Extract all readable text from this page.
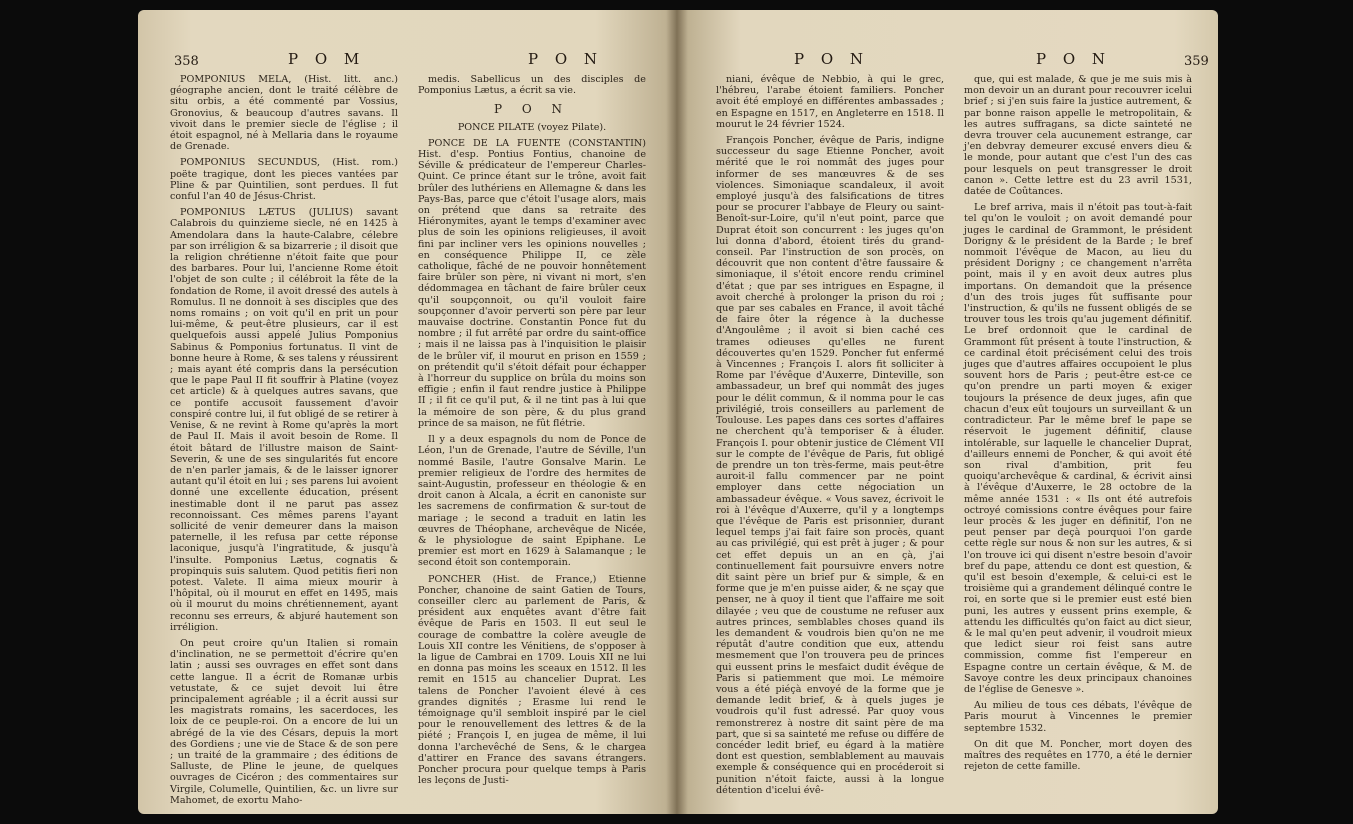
358	P O M	P O N

POMPONIUS MELA, (Hist. litt. anc.) géographe ancien, dont le traité célèbre de situ orbis, a été commenté par Vossius, Gronovius, & beaucoup d'autres savans. Il vivoit dans le premier siecle de l'église ; il étoit espagnol, né à Mellaria dans le royaume de Grenade.

POMPONIUS SECUNDUS, (Hist. rom.) poëte tragique, dont les pieces vantées par Pline & par Quintilien, sont perdues. Il fut conful l'an 40 de Jésus-Christ.

POMPONIUS LÆTUS (JULIUS) savant Calabrois du quinzieme siecle, né en 1425 à Amendolara dans la haute-Calabre, célebre par son irréligion & sa bizarrerie ; il disoit que la religion chrétienne n'étoit faite que pour des barbares. Pour lui, l'ancienne Rome étoit l'objet de son culte ; il célébroit la fête de la fondation de Rome, il avoit dressé des autels à Romulus. Il ne donnoit à ses disciples que des noms romains ; on voit qu'il en prit un pour lui-même, & peut-être plusieurs, car il est quelquefois aussi appelé Julius Pomponius Sabinus & Pomponius fortunatus. Il vint de bonne heure à Rome, & ses talens y réussirent ; mais ayant été compris dans la persécution que le pape Paul II fit souffrir à Platine (voyez cet article) & à quelques autres savans, que ce pontife accusoit faussement d'avoir conspiré contre lui, il fut obligé de se retirer à Venise, & ne revint à Rome qu'après la mort de Paul II. Mais il avoit besoin de Rome. Il étoit bâtard de l'illustre maison de Saint-Severin, & une de ses singularités fut encore de n'en parler jamais, & de le laisser ignorer autant qu'il étoit en lui ; ses parens lui avoient donné une excellente éducation, présent inestimable dont il ne parut pas assez reconnoissant. Ces mêmes parens l'ayant sollicité de venir demeurer dans la maison paternelle, il les refusa par cette réponse laconique, jusqu'à l'ingratitude, & jusqu'à l'insulte. Pomponius Lætus, cognatis & propinquis suis salutem. Quod petitis fieri non potest. Valete. Il aima mieux mourir à l'hôpital, où il mourut en effet en 1495, mais où il mourut du moins chrétiennement, ayant reconnu ses erreurs, & abjuré hautement son irréligion.

On peut croire qu'un Italien si romain d'inclination, ne se permettoit d'écrire qu'en latin ; aussi ses ouvrages en effet sont dans cette langue. Il a écrit de Romanæ urbis vetustate, & ce sujet devoit lui être principalement agréable ; il a écrit aussi sur les magistrats romains, les sacerdoces, les loix de ce peuple-roi. On a encore de lui un abrégé de la vie des Césars, depuis la mort des Gordiens ; une vie de Stace & de son pere ; un traité de la grammaire ; des éditions de Salluste, de Pline le jeune, de quelques ouvrages de Cicéron ; des commentaires sur Virgile, Columelle, Quintilien, &c. un livre sur Mahomet, de exortu Maho-

medis. Sabellicus un des disciples de Pomponius Lætus, a écrit sa vie.

P O N

PONCE PILATE (voyez Pilate).

PONCE DE LA FUENTE (CONSTANTIN) Hist. d'esp. Pontius Fontius, chanoine de Séville & prédicateur de l'empereur Charles-Quint. Ce prince étant sur le trône, avoit fait brûler des luthériens en Allemagne & dans les Pays-Bas, parce que c'étoit l'usage alors, mais on prétend que dans sa retraite des Hiéronymites, ayant le temps d'examiner avec plus de soin les opinions religieuses, il avoit fini par incliner vers les opinions nouvelles ; en conséquence Philippe II, ce zèle catholique, fâché de ne pouvoir honnêtement faire brûler son père, ni vivant ni mort, s'en dédommagea en tâchant de faire brûler ceux qu'il soupçonnoit, ou qu'il vouloit faire soupçonner d'avoir perverti son père par leur mauvaise doctrine. Constantin Ponce fut du nombre ; il fut arrêté par ordre du saint-office ; mais il ne laissa pas à l'inquisition le plaisir de le brûler vif, il mourut en prison en 1559 ; on prétendit qu'il s'étoit défait pour échapper à l'horreur du supplice on brûla du moins son effigie ; enfin il faut rendre justice à Philippe II ; il fit ce qu'il put, & il ne tint pas à lui que la mémoire de son père, & du plus grand prince de sa maison, ne fût flétrie.

Il y a deux espagnols du nom de Ponce de Léon, l'un de Grenade, l'autre de Séville, l'un nommé Basile, l'autre Gonsalve Marin. Le premier religieux de l'ordre des hermites de saint-Augustin, professeur en théologie & en droit canon à Alcala, a écrit en canoniste sur les sacremens de confirmation & sur-tout de mariage ; le second a traduit en latin les œuvres de Théophane, archevêque de Nicée, & le physiologue de saint Epiphane. Le premier est mort en 1629 à Salamanque ; le second étoit son contemporain.

PONCHER (Hist. de France,) Etienne Poncher, chanoine de saint Gatien de Tours, conseiller clerc au parlement de Paris, & président aux enquêtes avant d'être fait évêque de Paris en 1503. Il eut seul le courage de combattre la colère aveugle de Louis XII contre les Vénitiens, de s'opposer à la ligue de Cambrai en 1709. Louis XII ne lui en donna pas moins les sceaux en 1512. Il les remit en 1515 au chancelier Duprat. Les talens de Poncher l'avoient élevé à ces grandes dignités ; Erasme lui rend le témoignage qu'il sembloit inspiré par le ciel pour le renouvellement des lettres & de la piété ; François I, en jugea de même, il lui donna l'archevêché de Sens, & le chargea d'attirer en France des savans étrangers. Poncher procura pour quelque temps à Paris les leçons de Justi-

P O N	P O N	359

niani, évêque de Nebbio, à qui le grec, l'hébreu, l'arabe étoient familiers. Poncher avoit été employé en différentes ambassades ; en Espagne en 1517, en Angleterre en 1518. Il mourut le 24 février 1524.

François Poncher, évêque de Paris, indigne successeur du sage Etienne Poncher, avoit mérité que le roi nommât des juges pour informer de ses manœuvres & de ses violences. Simoniaque scandaleux, il avoit employé jusqu'à des falsifications de titres pour se procurer l'abbaye de Fleury ou saint-Benoît-sur-Loire, qu'il n'eut point, parce que Duprat étoit son concurrent : les juges qu'on lui donna d'abord, étoient tirés du grand-conseil. Par l'instruction de son procès, on découvrit que non content d'être faussaire & simoniaque, il s'étoit encore rendu criminel d'état ; que par ses intrigues en Espagne, il avoit cherché à prolonger la prison du roi ; que par ses cabales en France, il avoit tâché de faire ôter la régence à la duchesse d'Angoulême ; il avoit si bien caché ces trames odieuses qu'elles ne furent découvertes qu'en 1529. Poncher fut enfermé à Vincennes ; François I. alors fit solliciter à Rome par l'évêque d'Auxerre, Dinteville, son ambassadeur, un bref qui nommât des juges pour le délit commun, & il nomma pour le cas privilégié, trois conseillers au parlement de Toulouse. Les papes dans ces sortes d'affaires ne cherchent qu'à temporiser & à éluder. François I. pour obtenir justice de Clément VII sur le compte de l'évêque de Paris, fut obligé de prendre un ton très-ferme, mais peut-être auroit-il fallu commencer par ne point employer dans cette négociation un ambassadeur évêque. « Vous savez, écrivoit le roi à l'évêque d'Auxerre, qu'il y a longtemps que l'évêque de Paris est prisonnier, durant lequel temps j'ai fait faire son procès, quant au cas privilégié, qui est prêt à juger ; & pour cet effet depuis un an en çà, j'ai continuellement fait poursuivre envers notre dit saint père un brief pur & simple, & en forme que je m'en puisse aider, & ne sçay que penser, ne à quoy il tient que l'affaire me soit dilayée ; veu que de coustume ne refuser aux autres princes, semblables choses quand ils les demandent & voudrois bien qu'on ne me réputât d'autre condition que eux, attendu mesmement que l'on trouvera peu de princes qui eussent prins le mesfaict dudit évêque de Paris si patiemment que moi. Le mémoire vous a été piéçà envoyé de la forme que je demande ledit brief, & à quels juges je voudrois qu'il fust adressé. Par quoy vous remonstrerez à nostre dit saint père de ma part, que si sa sainteté me refuse ou différe de concéder ledit brief, eu égard à la matière dont est question, semblablement au mauvais exemple & conséquence qui en procéderoit si punition n'étoit faicte, aussi à la longue détention d'icelui évê-

que, qui est malade, & que je me suis mis à mon devoir un an durant pour recouvrer icelui brief ; si j'en suis faire la justice autrement, & par bonne raison appelle le metropolitain, & les autres suffragans, sa dicte sainteté ne devra trouver cela aucunement estrange, car j'en debvray demeurer excusé envers dieu & le monde, pour autant que c'est l'un des cas pour lesquels on peut transgresser le droit canon ». Cette lettre est du 23 avril 1531, datée de Coûtances.

Le bref arriva, mais il n'étoit pas tout-à-fait tel qu'on le vouloit ; on avoit demandé pour juges le cardinal de Grammont, le président Dorigny & le président de la Barde ; le bref nommoit l'évêque de Macon, au lieu du président Dorigny ; ce changement n'arrêta point, mais il y en avoit deux autres plus importans. On demandoit que la présence d'un des trois juges fût suffisante pour l'instruction, & qu'ils ne fussent obligés de se trouver tous les trois qu'au jugement définitif. Le bref ordonnoit que le cardinal de Grammont fût présent à toute l'instruction, & ce cardinal étoit précisément celui des trois juges que d'autres affaires occupoient le plus souvent hors de Paris ; peut-être est-ce ce qu'on prendre un parti moyen & exiger toujours la présence de deux juges, afin que chacun d'eux eût toujours un surveillant & un contradicteur. Par le même bref le pape se réservoit le jugement définitif, clause intolérable, sur laquelle le chancelier Duprat, d'ailleurs ennemi de Poncher, & qui avoit été son rival d'ambition, prit feu quoiqu'archevêque & cardinal, & écrivit ainsi à l'évêque d'Auxerre, le 28 octobre de la même année 1531 : « Ils ont été autrefois octroyé comissions contre évêques pour faire leur procès & les juger en définitif, l'on ne peut penser par deçà pourquoi l'on garde cette règle sur nous & non sur les autres, & si l'on trouve ici qui disent n'estre besoin d'avoir bref du pape, attendu ce dont est question, & qu'il est besoin d'exemple, & celui-ci est le troisième qui a grandement délinqué contre le roi, en sorte que si le premier eust esté bien puni, les autres y eussent prins exemple, & attendu les difficultés qu'on faict au dict sieur, & le mal qu'en peut advenir, il voudroit mieux que ledict sieur roi feist sans autre commission, comme fist l'empereur en Espagne contre un certain évêque, & M. de Savoye contre les deux principaux chanoines de l'église de Genesve ».

Au milieu de tous ces débats, l'évêque de Paris mourut à Vincennes le premier septembre 1532.

On dit que M. Poncher, mort doyen des maîtres des requêtes en 1770, a été le dernier rejeton de cette famille.
